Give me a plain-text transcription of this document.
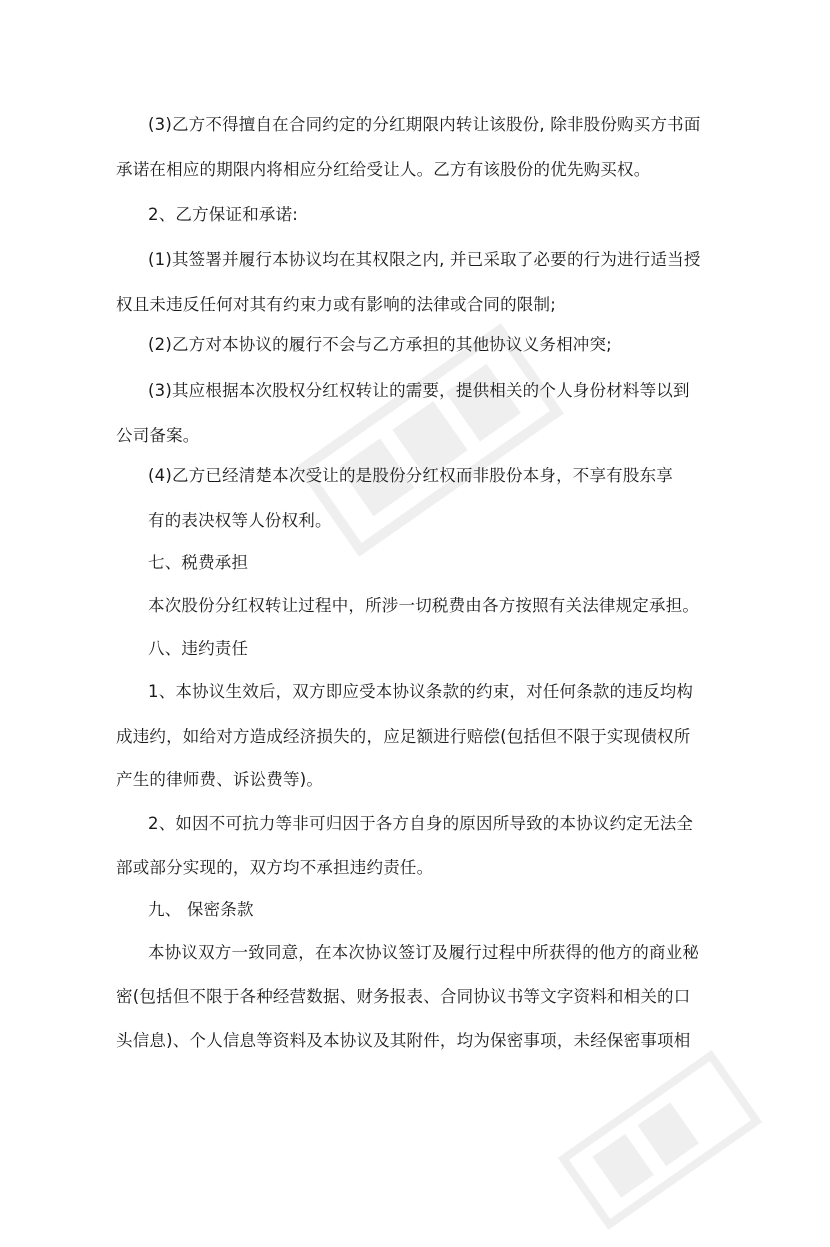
(3)乙方不得擅自在合同约定的分红期限内转让该股份, 除非股份购买方书面
承诺在相应的期限内将相应分红给受让人。乙方有该股份的优先购买权。
2、乙方保证和承诺:
(1)其签署并履行本协议均在其权限之内, 并已采取了必要的行为进行适当授
权且未违反任何对其有约束力或有影响的法律或合同的限制;
(2)乙方对本协议的履行不会与乙方承担的其他协议义务相冲突;
(3)其应根据本次股权分红权转让的需要，提供相关的个人身份材料等以到
公司备案。
(4)乙方已经清楚本次受让的是股份分红权而非股份本身，不享有股东享
有的表决权等人份权利。
七、税费承担
本次股份分红权转让过程中，所涉一切税费由各方按照有关法律规定承担。
八、违约责任
1、本协议生效后，双方即应受本协议条款的约束，对任何条款的违反均构
成违约，如给对方造成经济损失的，应足额进行赔偿(包括但不限于实现债权所
产生的律师费、诉讼费等)。
2、如因不可抗力等非可归因于各方自身的原因所导致的本协议约定无法全
部或部分实现的，双方均不承担违约责任。
九、 保密条款
本协议双方一致同意，在本次协议签订及履行过程中所获得的他方的商业秘
密(包括但不限于各种经营数据、财务报表、合同协议书等文字资料和相关的口
头信息)、个人信息等资料及本协议及其附件，均为保密事项，未经保密事项相
